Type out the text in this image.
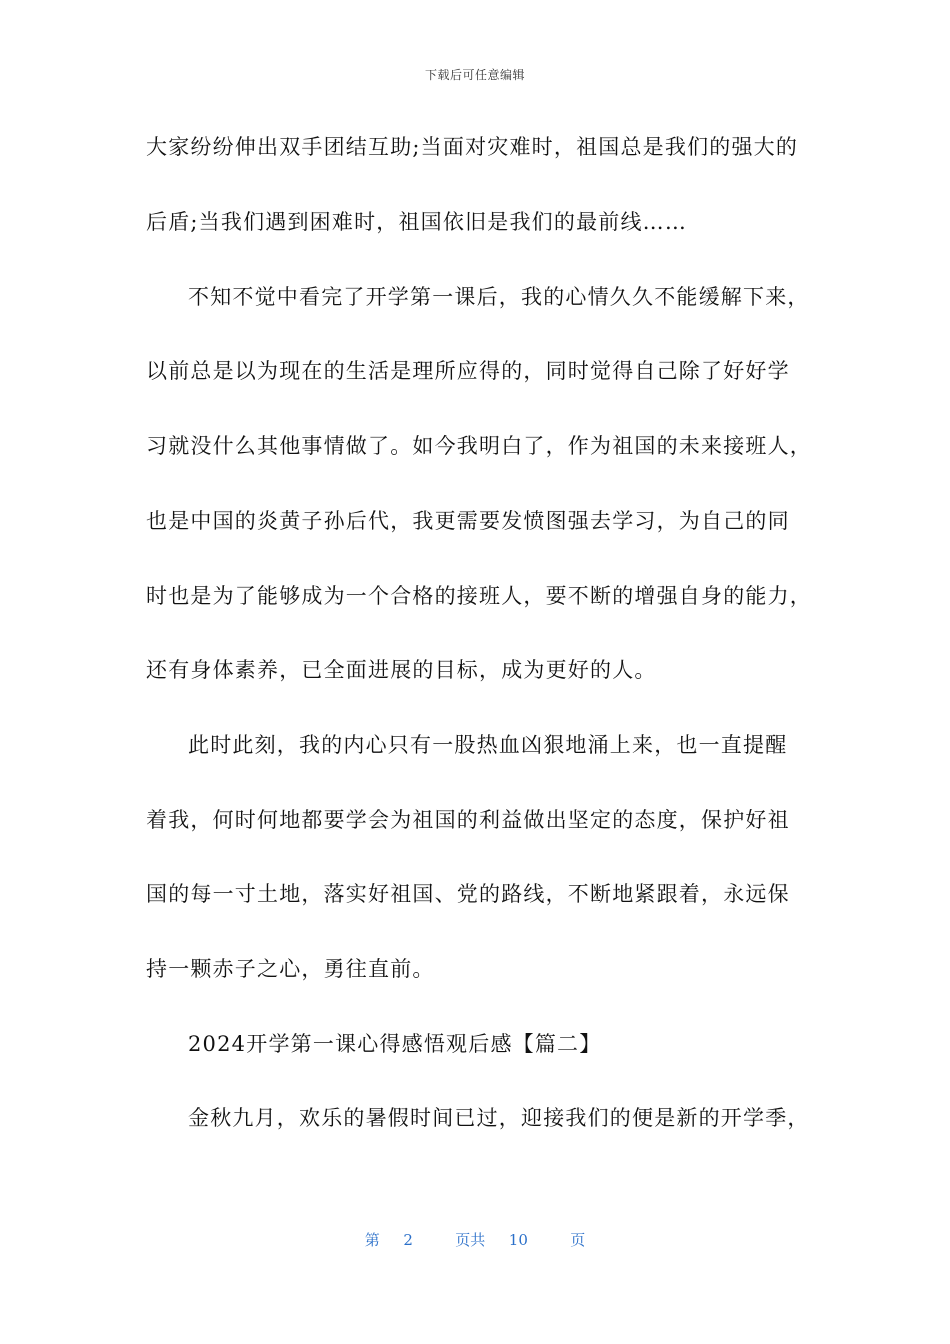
下载后可任意编辑
大家纷纷伸出双手团结互助;当面对灾难时，祖国总是我们的强大的
后盾;当我们遇到困难时，祖国依旧是我们的最前线……
不知不觉中看完了开学第一课后，我的心情久久不能缓解下来，
以前总是以为现在的生活是理所应得的，同时觉得自己除了好好学
习就没什么其他事情做了。如今我明白了，作为祖国的未来接班人，
也是中国的炎黄子孙后代，我更需要发愤图强去学习，为自己的同
时也是为了能够成为一个合格的接班人，要不断的增强自身的能力，
还有身体素养，已全面进展的目标，成为更好的人。
此时此刻，我的内心只有一股热血凶狠地涌上来，也一直提醒
着我，何时何地都要学会为祖国的利益做出坚定的态度，保护好祖
国的每一寸土地，落实好祖国、党的路线，不断地紧跟着，永远保
持一颗赤子之心，勇往直前。
2024开学第一课心得感悟观后感【篇二】
金秋九月，欢乐的暑假时间已过，迎接我们的便是新的开学季，
第 2	页共 10	页
